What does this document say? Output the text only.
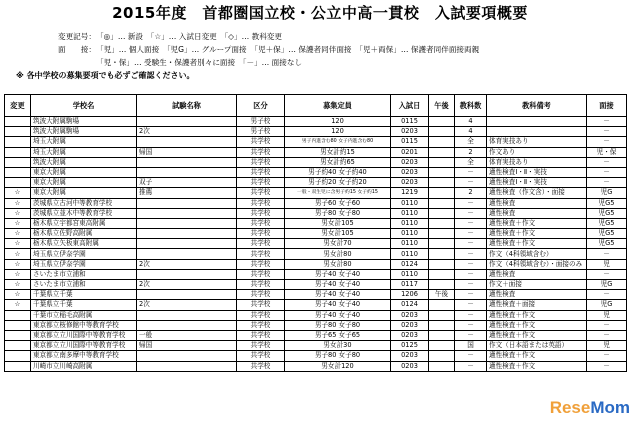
2015年度　首都圏国立校・公立中高一貫校　入試要項概要
変更記号： 「◎」… 新設　「☆」… 入試日変更　「◇」… 教科変更
面　　接： 「児」… 個人面接　「児G」… グループ面接　「児＋保」… 保護者同伴面接　「児＋両保」… 保護者同伴面接両親
「児・保」… 受験生・保護者別々に面接　「－」… 面接なし
※ 各中学校の募集要項でも必ずご確認ください。
変更	学校名	試験名称	区分	募集定員	入試日	午後	教科数	教科備考	面接
	筑波大附属駒場		男子校	120	0115		4		－
	筑波大附属駒場	2次	男子校	120	0203		4		－
	埼玉大附属		共学校	男子内進含む80 女子内進含む80	0115		全	体育実技あり	－
	埼玉大附属	帰国	共学校	男女計約15	0201		2	作文あり	児・保
	筑波大附属		共学校	男女計約65	0203		全	体育実技あり	－
	東京大附属		共学校	男子約40 女子約40	0203		－	適性検査Ⅰ・Ⅱ・実技	－
	東京大附属	双子	共学校	男子約20 女子約20	0203		－	適性検査Ⅰ・Ⅱ・実技	－
☆	東京大附属	推薦	共学校	一般・双生児に含男子約15 女子約15	1219		2	適性検査（作文含）・面接	児G
☆	茨城県立古河中等教育学校		共学校	男子60 女子60	0110		－	適性検査	児G5
☆	茨城県立並木中等教育学校		共学校	男子80 女子80	0110		－	適性検査	児G5
☆	栃木県立宇都宮東高附属		共学校	男女計105	0110		－	適性検査＋作文	児G5
☆	栃木県立佐野高附属		共学校	男女計105	0110		－	適性検査＋作文	児G5
☆	栃木県立矢板東高附属		共学校	男女計70	0110		－	適性検査＋作文	児G5
☆	埼玉県立伊奈学園		共学校	男女計80	0110		－	作文（4科領域含む）	－
☆	埼玉県立伊奈学園	2次	共学校	男女計80	0124		－	作文（4科領域含む）・面接のみ	児
☆	さいたま市立浦和		共学校	男子40 女子40	0110		－	適性検査	－
☆	さいたま市立浦和	2次	共学校	男子40 女子40	0117		－	作文＋面接	児G
☆	千葉県立千葉		共学校	男子40 女子40	1206	午後	－	適性検査	－
☆	千葉県立千葉	2次	共学校	男子40 女子40	0124		－	適性検査＋面接	児G
	千葉市立稲毛高附属		共学校	男子40 女子40	0203		－	適性検査＋作文	児
	東京都立桜修館中等教育学校		共学校	男子80 女子80	0203		－	適性検査＋作文	－
	東京都立立川国際中等教育学校	一般	共学校	男子65 女子65	0203		－	適性検査＋作文	－
	東京都立立川国際中等教育学校	帰国	共学校	男女計30	0125		国	作文（日本語または英語）	児
	東京都立南多摩中等教育学校		共学校	男子80 女子80	0203		－	適性検査＋作文	－
	川崎市立川崎高附属		共学校	男女計120	0203		－	適性検査＋作文	－
ReseMom
